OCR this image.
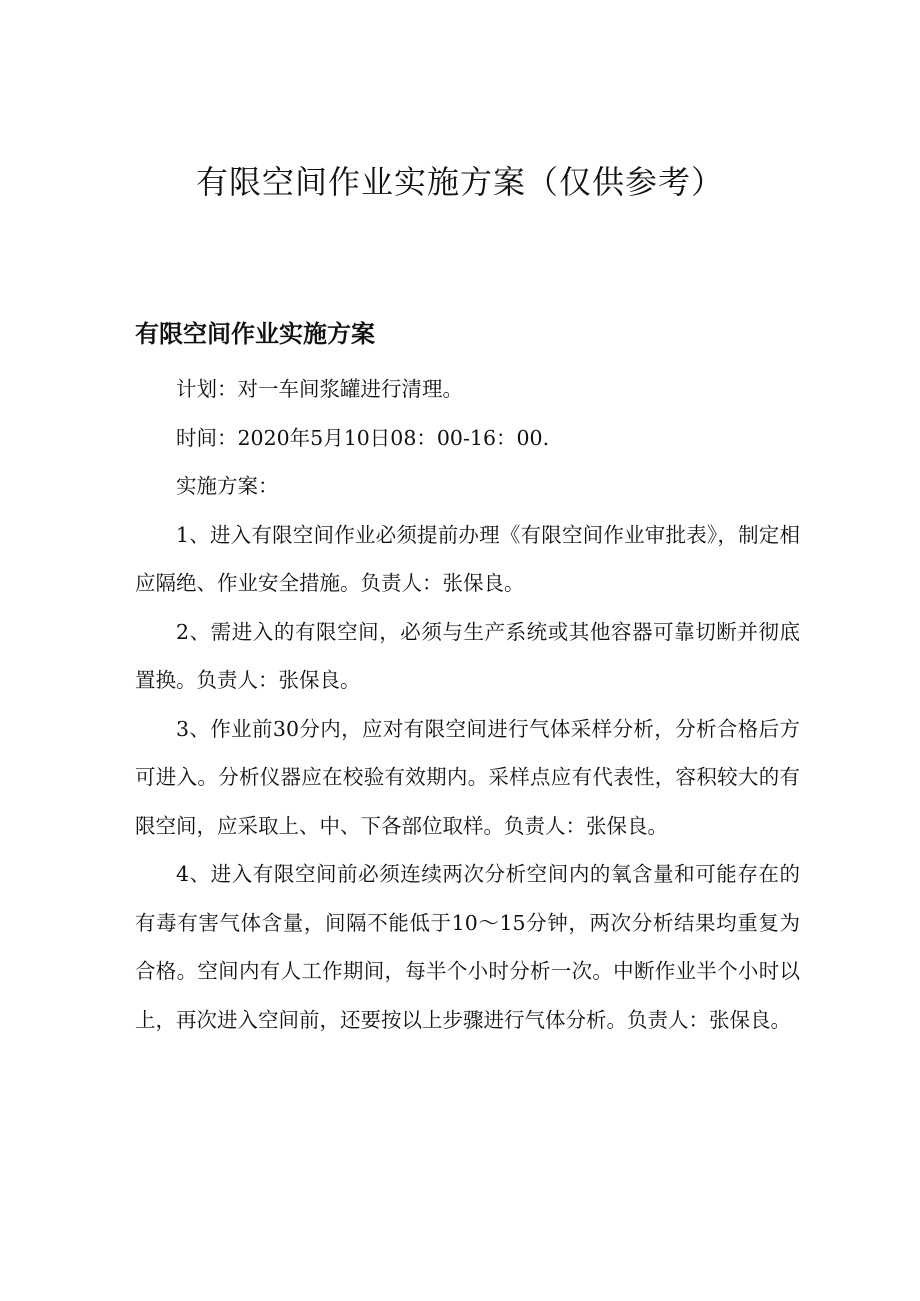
有限空间作业实施方案（仅供参考）
有限空间作业实施方案

计划：对一车间浆罐进行清理。

时间：2020年5月10日08：00-16：00.

实施方案：

1、进入有限空间作业必须提前办理《有限空间作业审批表》，制定相应隔绝、作业安全措施。负责人：张保良。

2、需进入的有限空间，必须与生产系统或其他容器可靠切断并彻底置换。负责人：张保良。

3、作业前30分内，应对有限空间进行气体采样分析，分析合格后方可进入。分析仪器应在校验有效期内。采样点应有代表性，容积较大的有限空间，应采取上、中、下各部位取样。负责人：张保良。

4、进入有限空间前必须连续两次分析空间内的氧含量和可能存在的有毒有害气体含量，间隔不能低于10～15分钟，两次分析结果均重复为合格。空间内有人工作期间，每半个小时分析一次。中断作业半个小时以上，再次进入空间前，还要按以上步骤进行气体分析。负责人：张保良。
